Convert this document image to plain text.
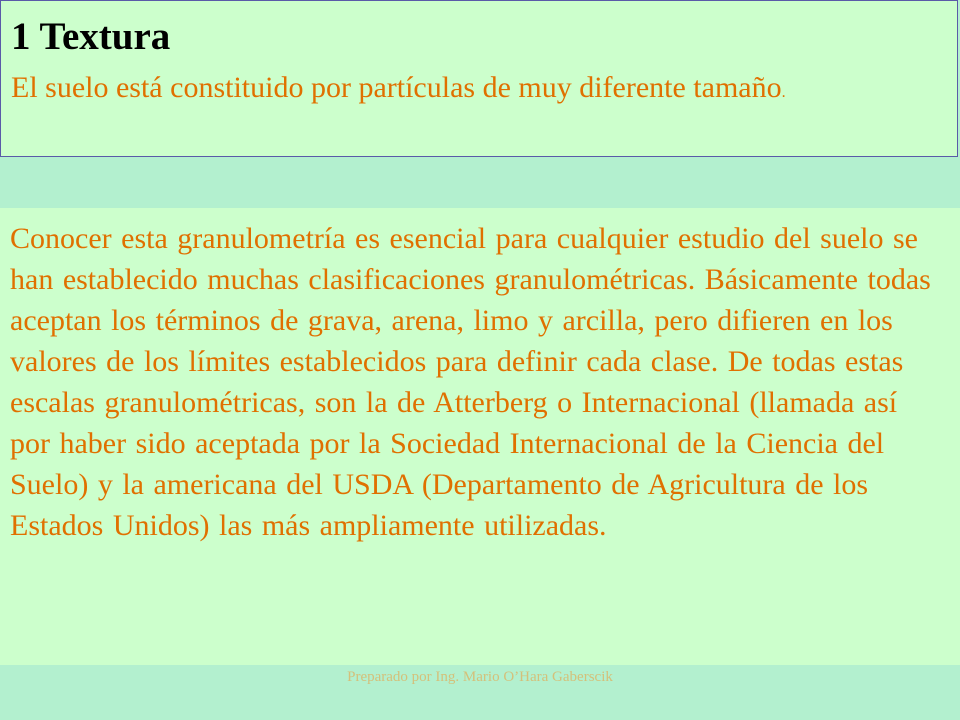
1 Textura

El suelo está constituido por partículas de muy diferente tamaño.

Conocer esta granulometría es esencial para cualquier estudio del suelo se han establecido muchas clasificaciones granulométricas. Básicamente todas aceptan los términos de grava, arena, limo y arcilla, pero difieren en los valores de los límites establecidos para definir cada clase. De todas estas escalas granulométricas, son la de Atterberg o Internacional (llamada así por haber sido aceptada por la Sociedad Internacional de la Ciencia del Suelo) y la americana del USDA (Departamento de Agricultura de los Estados Unidos) las más ampliamente utilizadas.

Preparado por Ing. Mario O’Hara Gaberscik
